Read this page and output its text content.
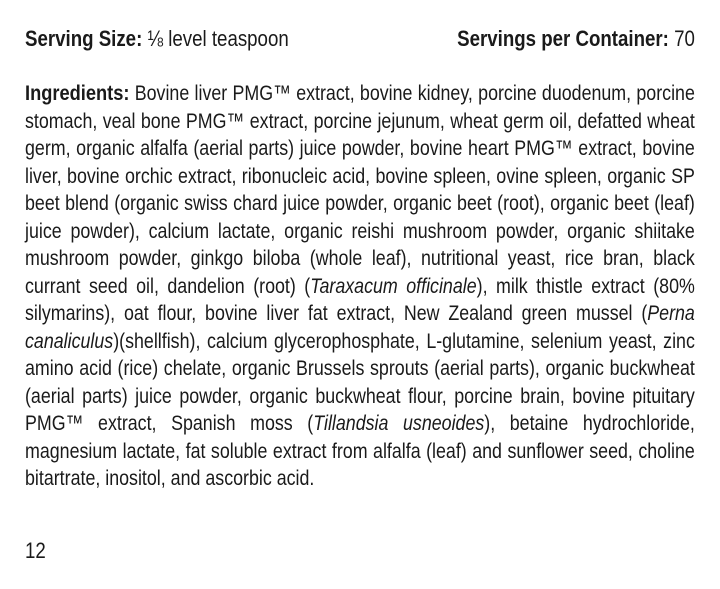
Serving Size: ⅛ level teaspoon	Servings per Container: 70

Ingredients: Bovine liver PMG™ extract, bovine kidney, porcine duodenum, porcine stomach, veal bone PMG™ extract, porcine jejunum, wheat germ oil, defatted wheat germ, organic alfalfa (aerial parts) juice powder, bovine heart PMG™ extract, bovine liver, bovine orchic extract, ribonucleic acid, bovine spleen, ovine spleen, organic SP beet blend (organic swiss chard juice powder, organic beet (root), organic beet (leaf) juice powder), calcium lactate, organic reishi mushroom powder, organic shiitake mushroom powder, ginkgo biloba (whole leaf), nutritional yeast, rice bran, black currant seed oil, dandelion (root) (Taraxacum officinale), milk thistle extract (80% silymarins), oat flour, bovine liver fat extract, New Zealand green mussel (Perna canaliculus)(shellfish), calcium glycerophosphate, L-glutamine, selenium yeast, zinc amino acid (rice) chelate, organic Brussels sprouts (aerial parts), organic buckwheat (aerial parts) juice powder, organic buckwheat flour, porcine brain, bovine pituitary PMG™ extract, Spanish moss (Tillandsia usneoides), betaine hydrochloride, magnesium lactate, fat soluble extract from alfalfa (leaf) and sunflower seed, choline bitartrate, inositol, and ascorbic acid.

12
